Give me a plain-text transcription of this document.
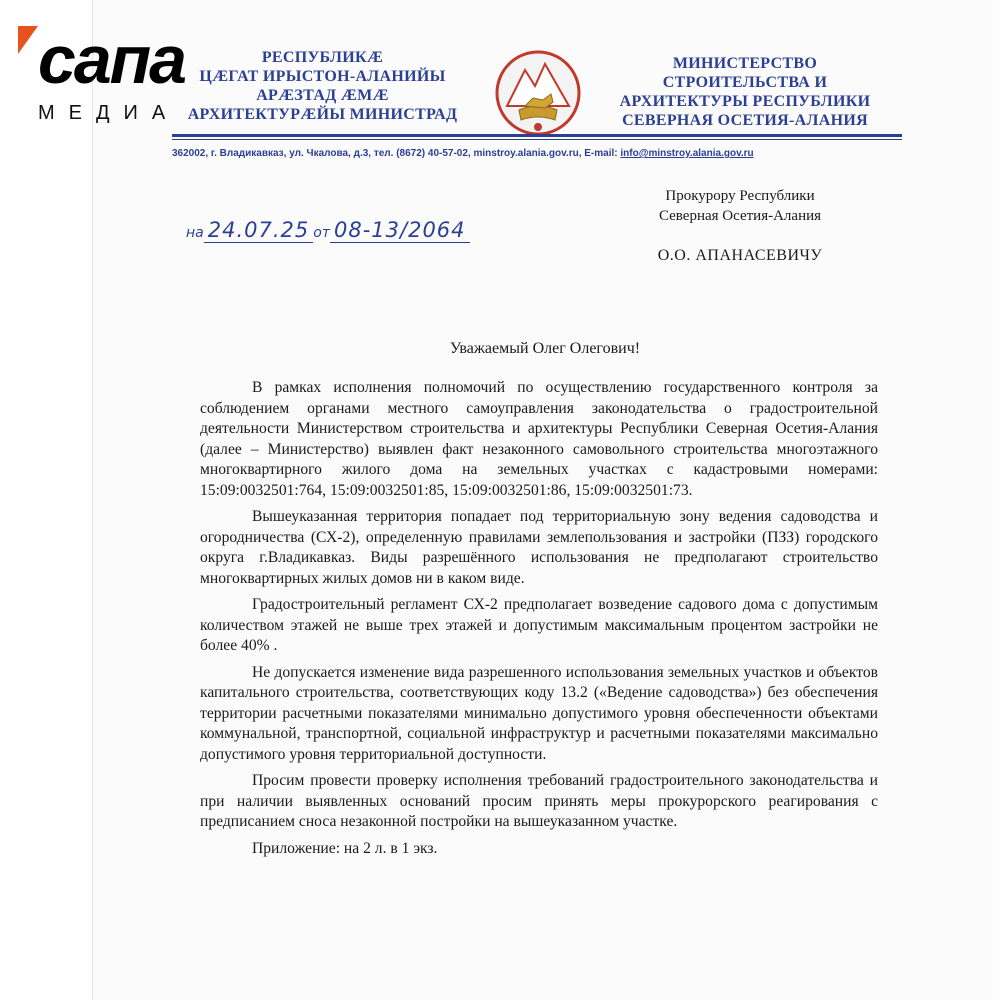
сапа
МЕДИА
РЕСПУБЛИКÆ
ЦÆГАТ ИРЫСТОН-АЛАНИЙЫ
АРÆЗТАД ÆМÆ
АРХИТЕКТУРÆЙЫ МИНИСТРАД
МИНИСТЕРСТВО
СТРОИТЕЛЬСТВА И
АРХИТЕКТУРЫ РЕСПУБЛИКИ
СЕВЕРНАЯ ОСЕТИЯ-АЛАНИЯ
362002, г. Владикавказ, ул. Чкалова, д.3, тел. (8672) 40-57-02, minstroy.alania.gov.ru, E-mail: info@minstroy.alania.gov.ru
на 24.07.25 от 08-13/2064
Прокурору Республики
Северная Осетия-Алания
О.О. АПАНАСЕВИЧУ
Уважаемый Олег Олегович!

В рамках исполнения полномочий по осуществлению государственного контроля за соблюдением органами местного самоуправления законодательства о градостроительной деятельности Министерством строительства и архитектуры Республики Северная Осетия-Алания (далее – Министерство) выявлен факт незаконного самовольного строительства многоэтажного многоквартирного жилого дома на земельных участках с кадастровыми номерами: 15:09:0032501:764, 15:09:0032501:85, 15:09:0032501:86, 15:09:0032501:73.

Вышеуказанная территория попадает под территориальную зону ведения садоводства и огородничества (СХ-2), определенную правилами землепользования и застройки (ПЗЗ) городского округа г.Владикавказ. Виды разрешённого использования не предполагают строительство многоквартирных жилых домов ни в каком виде.

Градостроительный регламент СХ-2 предполагает возведение садового дома с допустимым количеством этажей не выше трех этажей и допустимым максимальным процентом застройки не более 40% .

Не допускается изменение вида разрешенного использования земельных участков и объектов капитального строительства, соответствующих коду 13.2 («Ведение садоводства») без обеспечения территории расчетными показателями минимально допустимого уровня обеспеченности объектами коммунальной, транспортной, социальной инфраструктур и расчетными показателями максимально допустимого уровня территориальной доступности.

Просим провести проверку исполнения требований градостроительного законодательства и при наличии выявленных оснований просим принять меры прокурорского реагирования с предписанием сноса незаконной постройки на вышеуказанном участке.

Приложение: на 2 л. в 1 экз.
